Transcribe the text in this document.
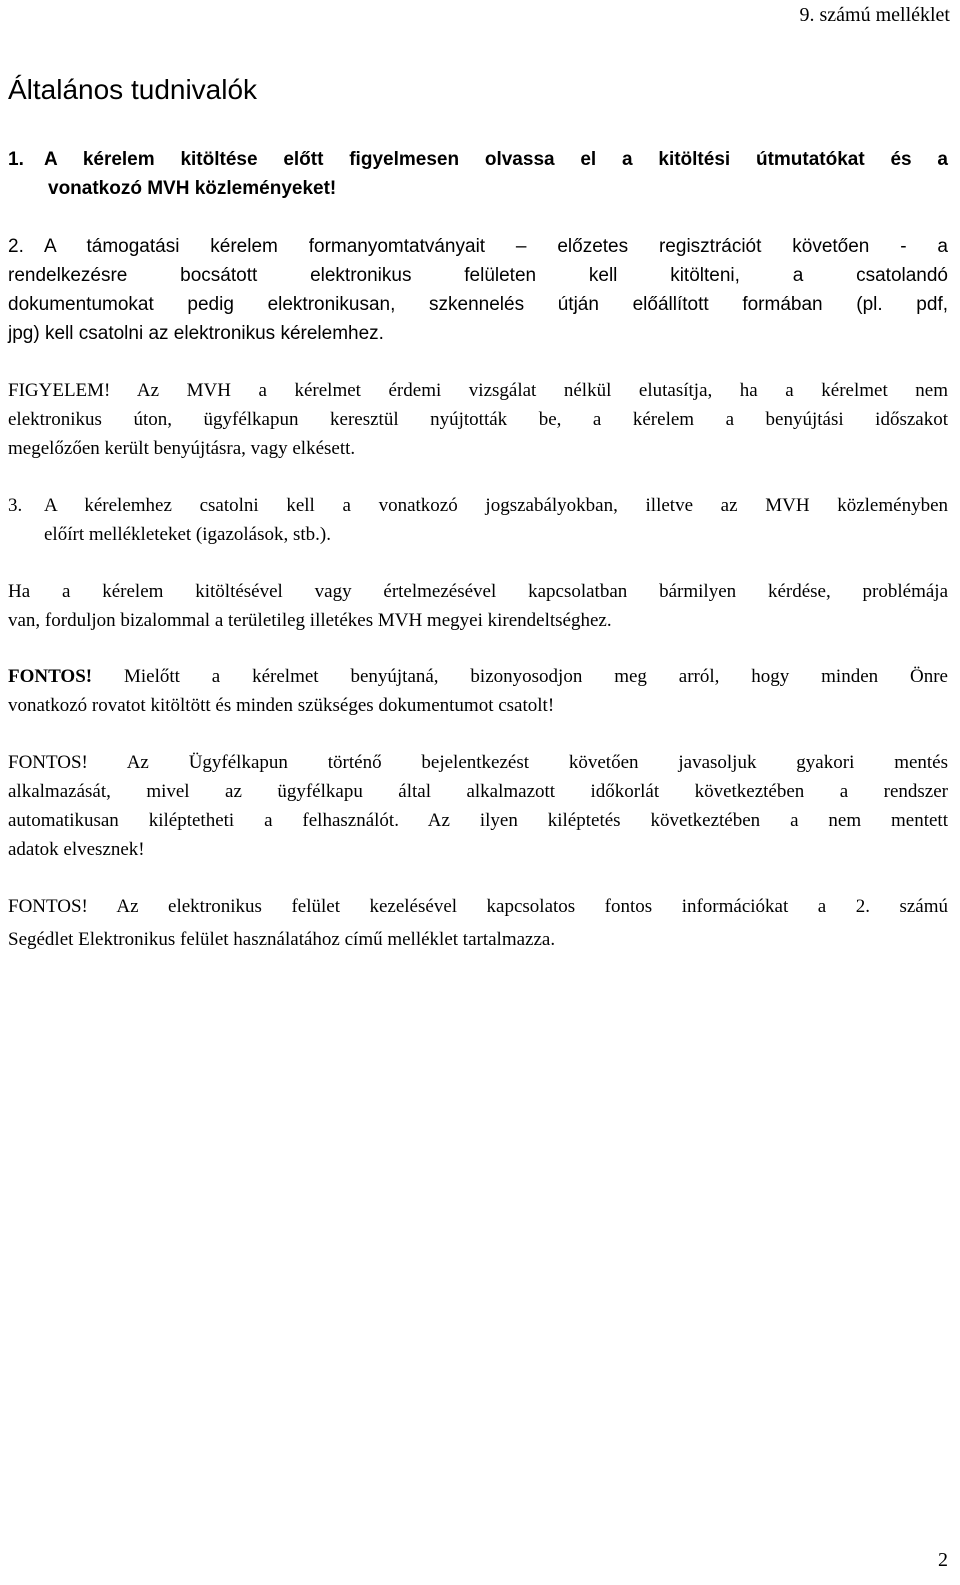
9. számú melléklet
Általános tudnivalók
1. A kérelem kitöltése előtt figyelmesen olvassa el a kitöltési útmutatókat és a
vonatkozó MVH közleményeket!
2. A támogatási kérelem formanyomtatványait – előzetes regisztrációt követően - a
rendelkezésre bocsátott elektronikus felületen kell kitölteni, a csatolandó
dokumentumokat pedig elektronikusan, szkennelés útján előállított formában (pl. pdf,
jpg) kell csatolni az elektronikus kérelemhez.
FIGYELEM! Az MVH a kérelmet érdemi vizsgálat nélkül elutasítja, ha a kérelmet nem
elektronikus úton, ügyfélkapun keresztül nyújtották be, a kérelem a benyújtási időszakot
megelőzően került benyújtásra, vagy elkésett.
3. A kérelemhez csatolni kell a vonatkozó jogszabályokban, illetve az MVH közleményben
előírt mellékleteket (igazolások, stb.).
Ha a kérelem kitöltésével vagy értelmezésével kapcsolatban bármilyen kérdése, problémája
van, forduljon bizalommal a területileg illetékes MVH megyei kirendeltséghez.
FONTOS! Mielőtt a kérelmet benyújtaná, bizonyosodjon meg arról, hogy minden Önre
vonatkozó rovatot kitöltött és minden szükséges dokumentumot csatolt!
FONTOS! Az Ügyfélkapun történő bejelentkezést követően javasoljuk gyakori mentés
alkalmazását, mivel az ügyfélkapu által alkalmazott időkorlát következtében a rendszer
automatikusan kiléptetheti a felhasználót. Az ilyen kiléptetés következtében a nem mentett
adatok elvesznek!
FONTOS! Az elektronikus felület kezelésével kapcsolatos fontos információkat a 2. számú
Segédlet Elektronikus felület használatához című melléklet tartalmazza.
2
